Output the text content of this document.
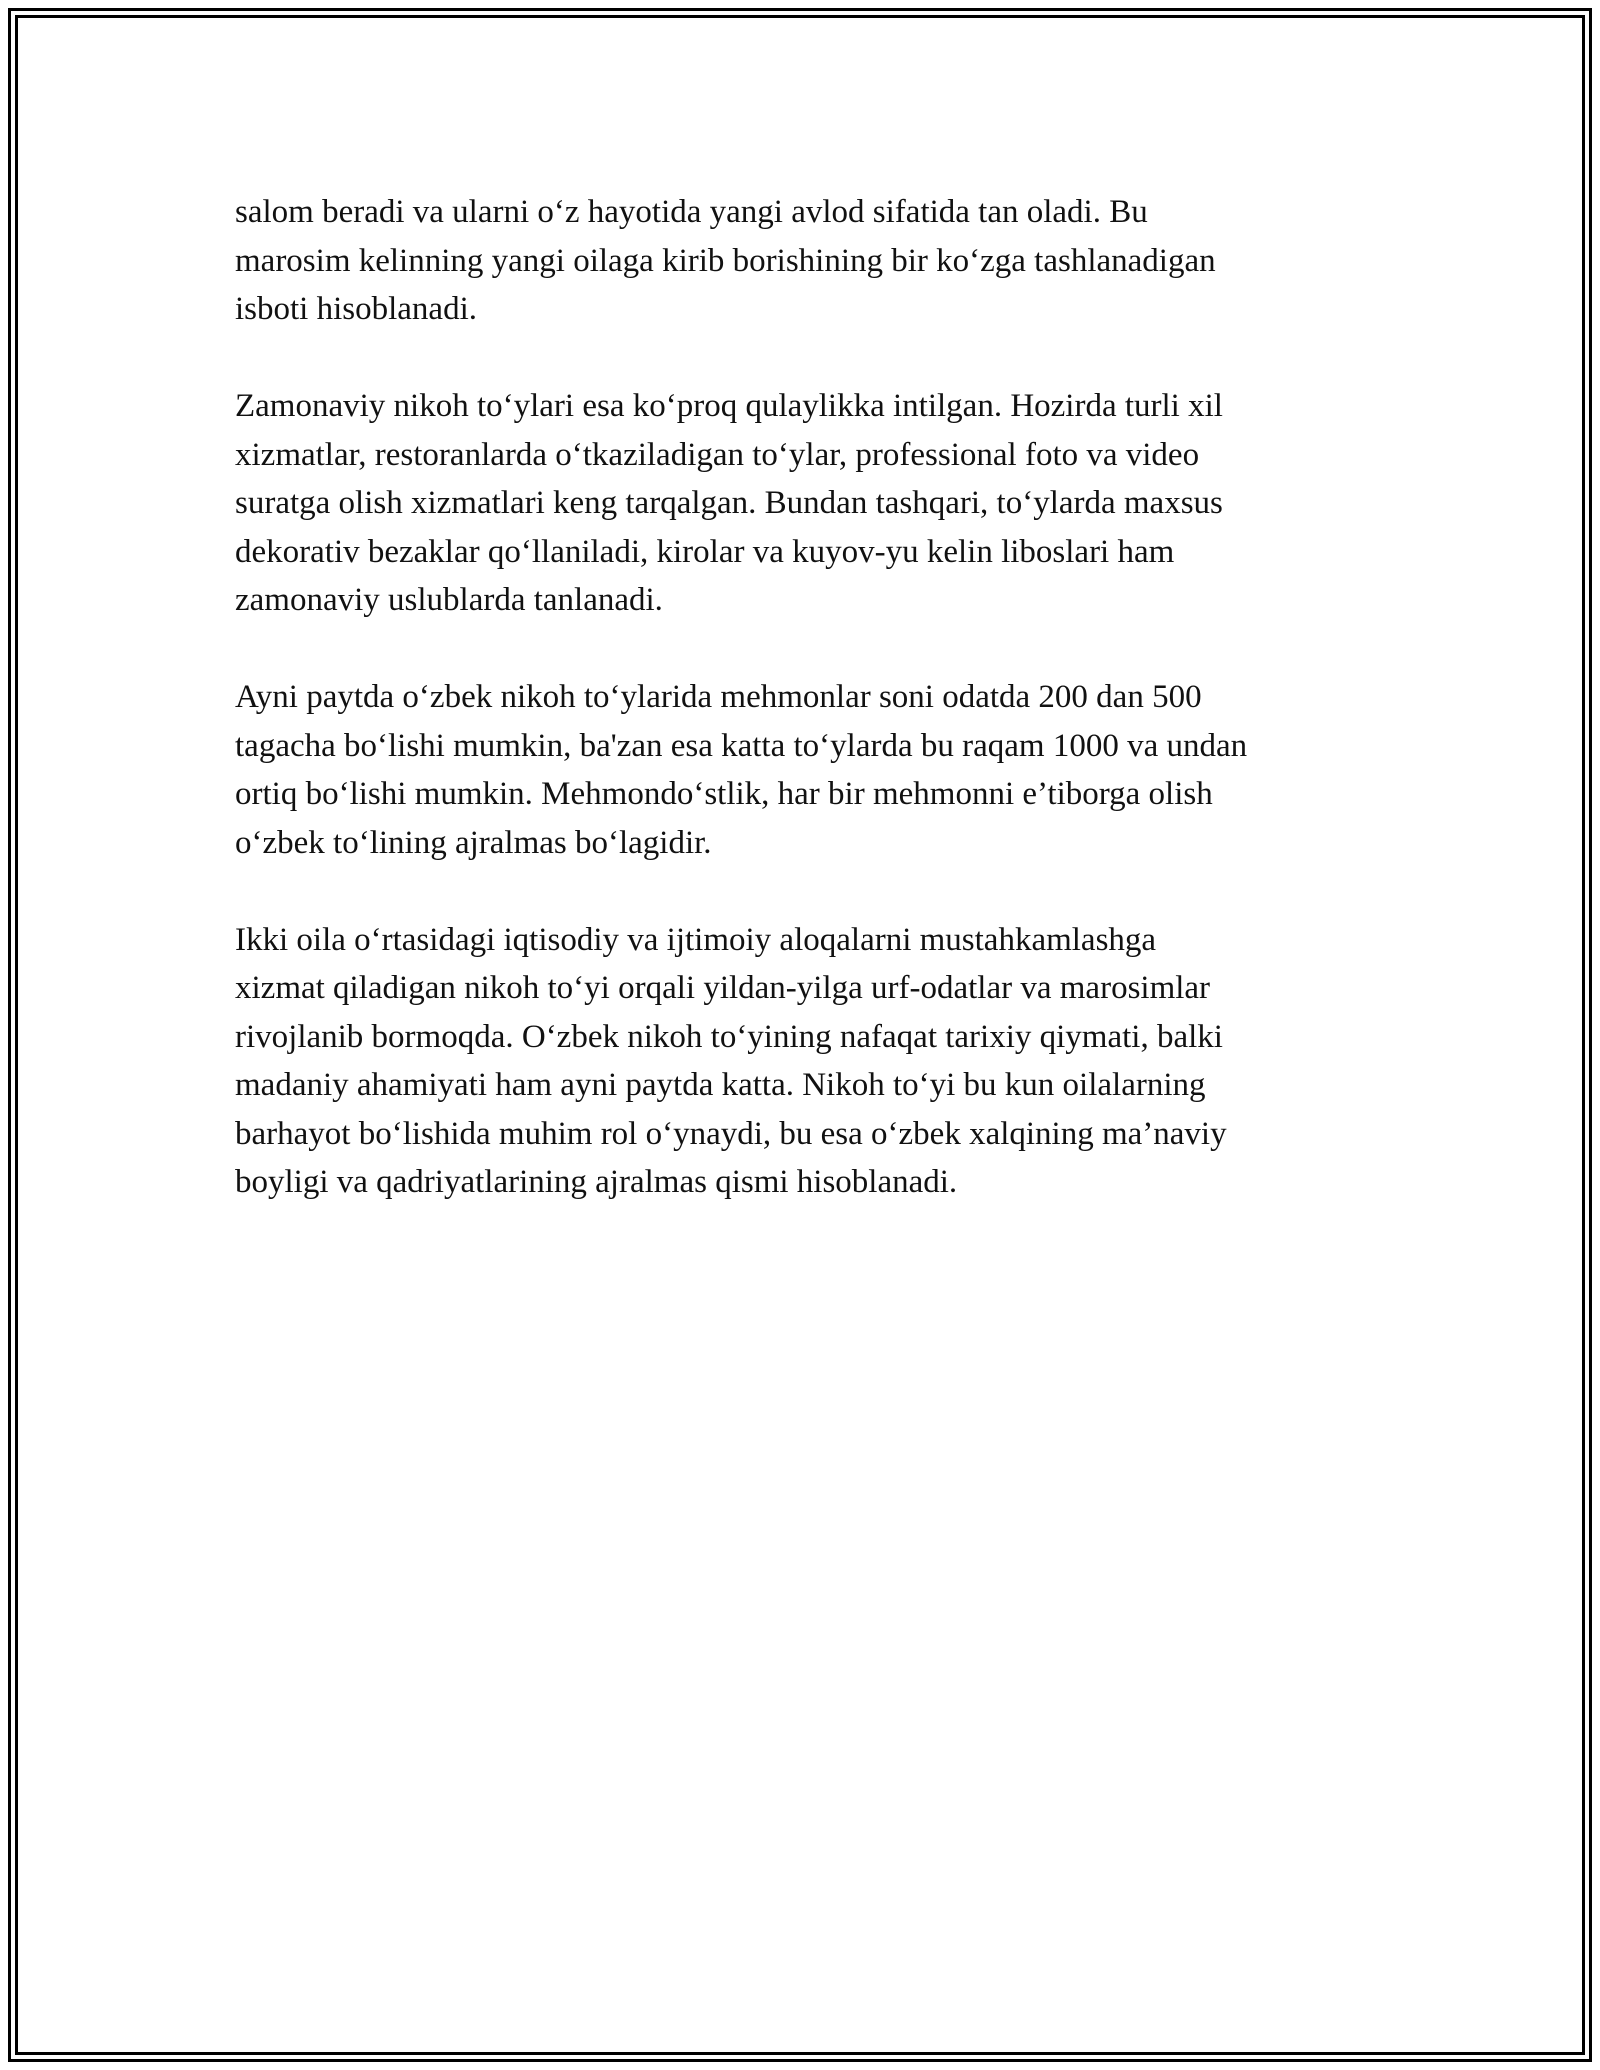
salom beradi va ularni o‘z hayotida yangi avlod sifatida tan oladi. Bu
marosim kelinning yangi oilaga kirib borishining bir ko‘zga tashlanadigan
isboti hisoblanadi.

Zamonaviy nikoh to‘ylari esa ko‘proq qulaylikka intilgan. Hozirda turli xil
xizmatlar, restoranlarda o‘tkaziladigan to‘ylar, professional foto va video
suratga olish xizmatlari keng tarqalgan. Bundan tashqari, to‘ylarda maxsus
dekorativ bezaklar qo‘llaniladi, kirolar va kuyov-yu kelin liboslari ham
zamonaviy uslublarda tanlanadi.

Ayni paytda o‘zbek nikoh to‘ylarida mehmonlar soni odatda 200 dan 500
tagacha bo‘lishi mumkin, ba'zan esa katta to‘ylarda bu raqam 1000 va undan
ortiq bo‘lishi mumkin. Mehmondo‘stlik, har bir mehmonni e’tiborga olish
o‘zbek to‘lining ajralmas bo‘lagidir.

Ikki oila o‘rtasidagi iqtisodiy va ijtimoiy aloqalarni mustahkamlashga
xizmat qiladigan nikoh to‘yi orqali yildan-yilga urf-odatlar va marosimlar
rivojlanib bormoqda. O‘zbek nikoh to‘yining nafaqat tarixiy qiymati, balki
madaniy ahamiyati ham ayni paytda katta. Nikoh to‘yi bu kun oilalarning
barhayot bo‘lishida muhim rol o‘ynaydi, bu esa o‘zbek xalqining ma’naviy
boyligi va qadriyatlarining ajralmas qismi hisoblanadi.
